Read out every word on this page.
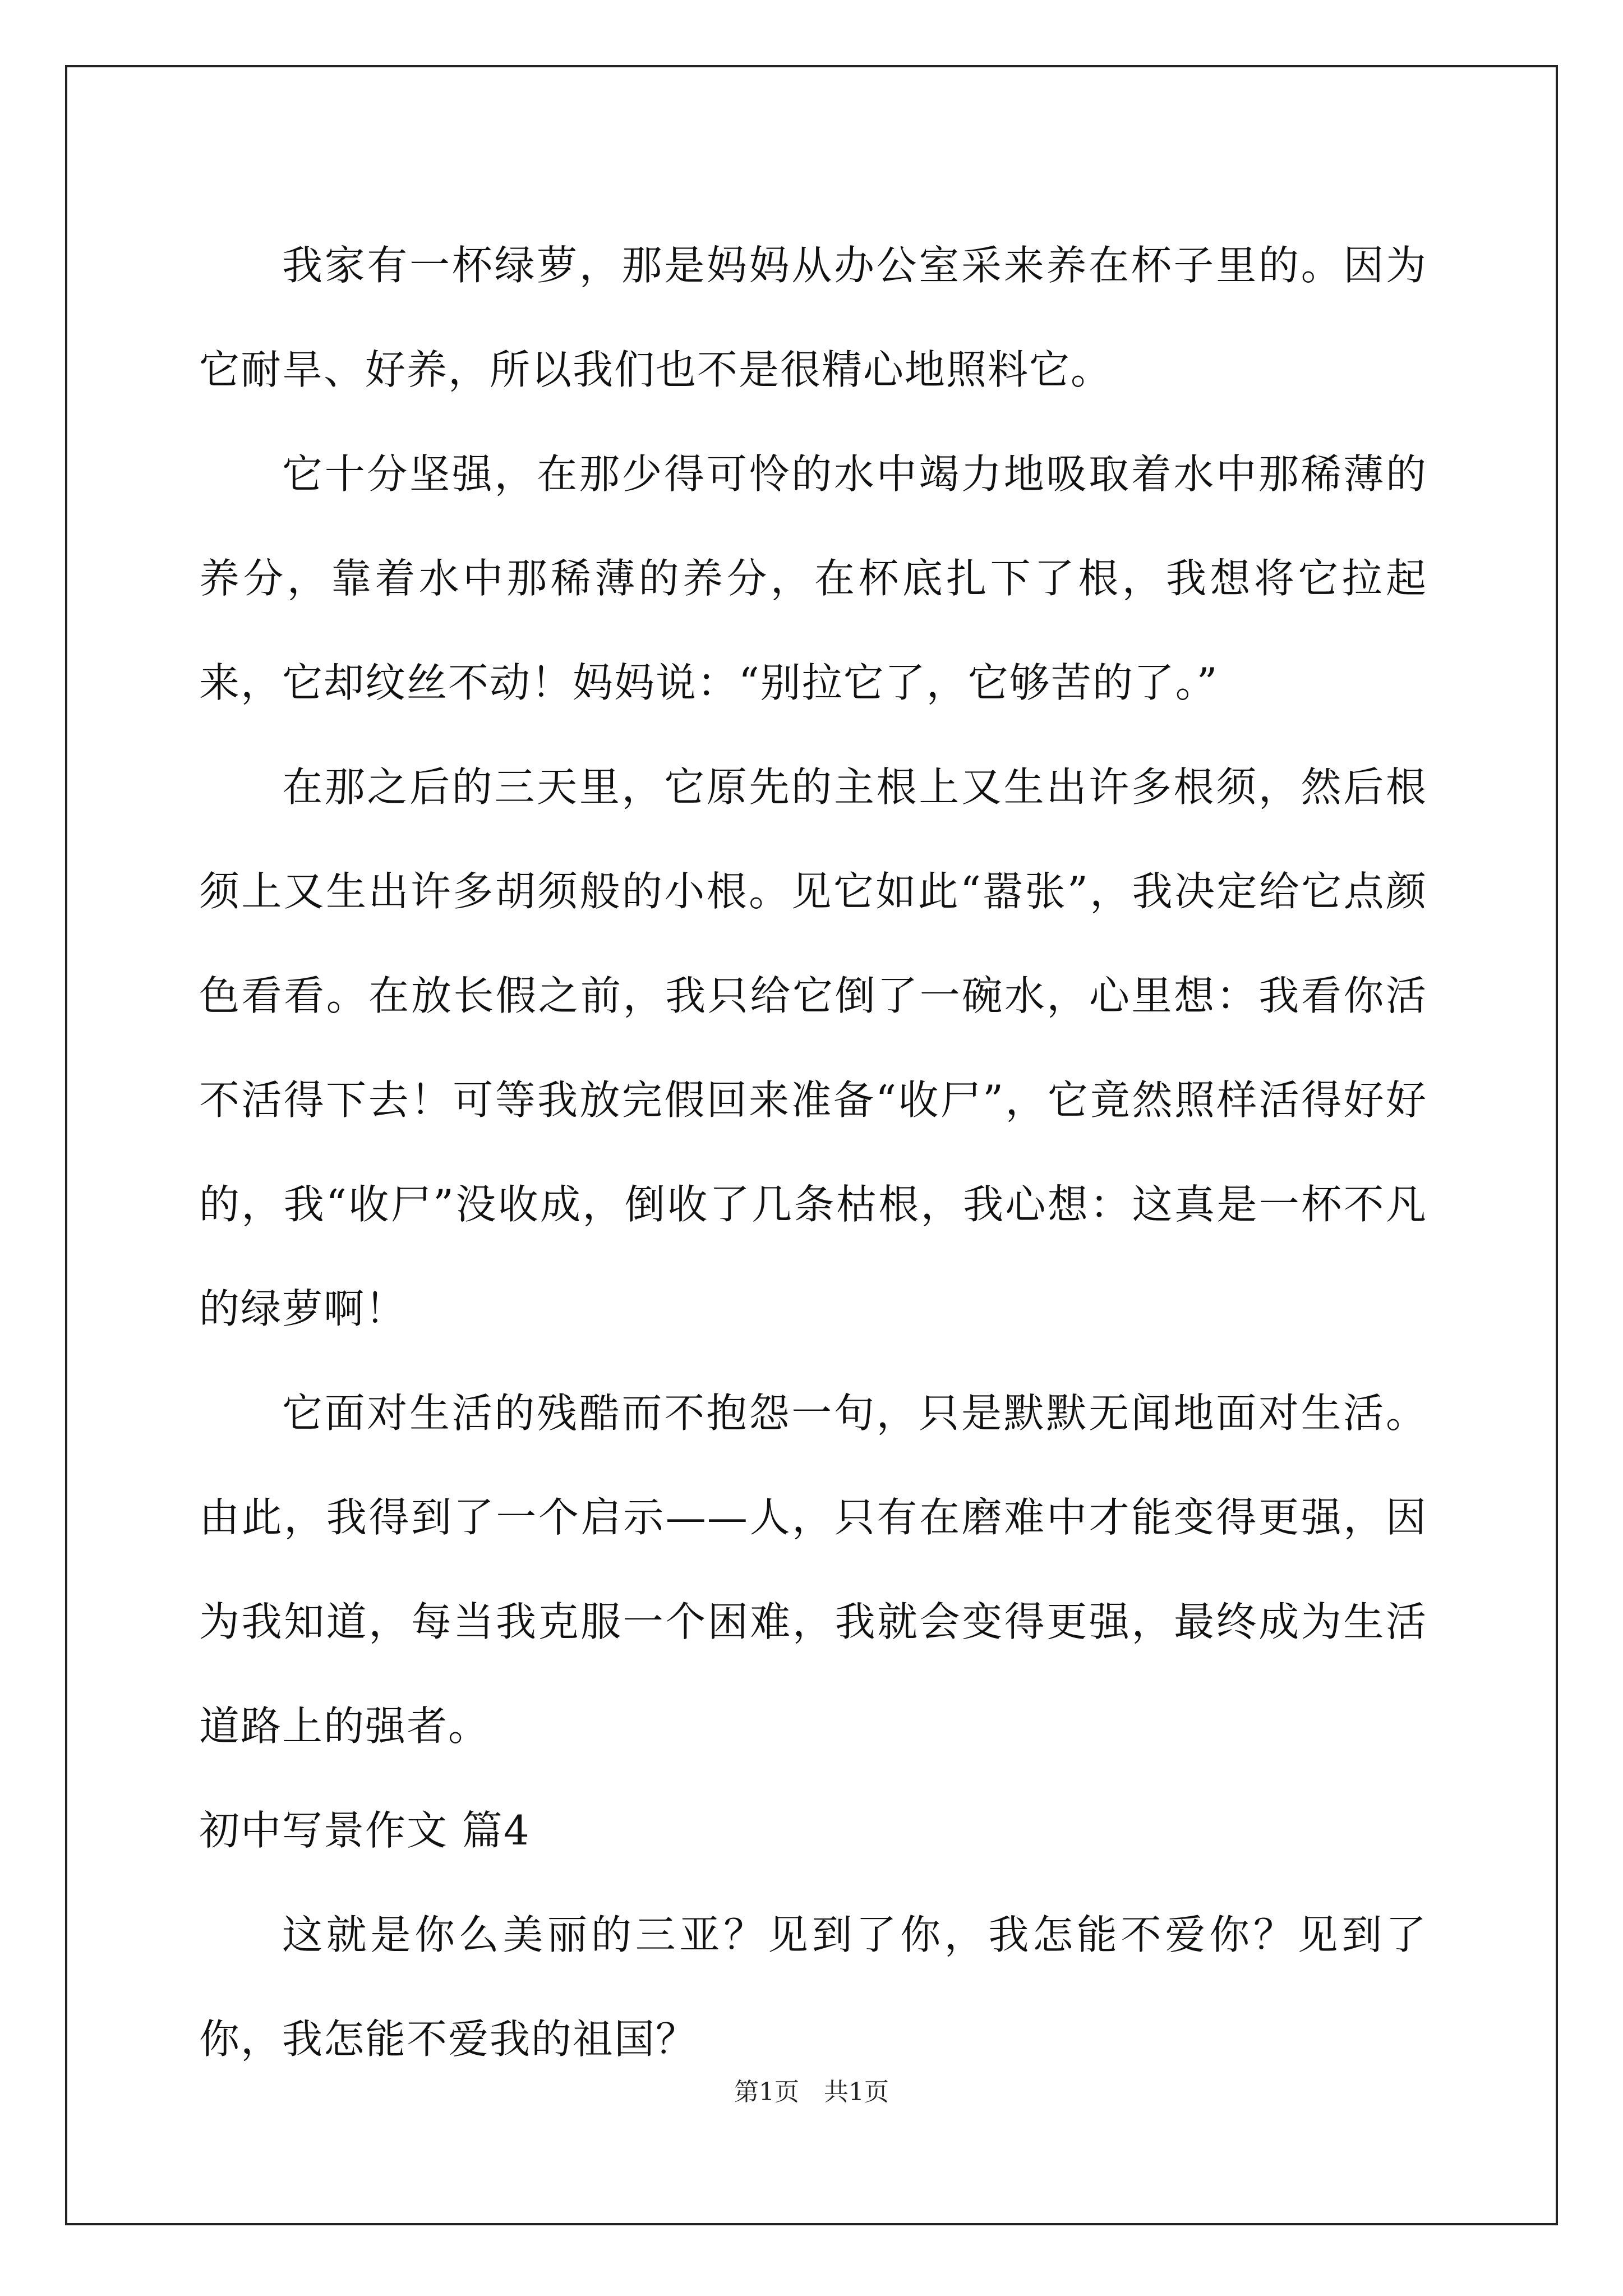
我家有一杯绿萝，那是妈妈从办公室采来养在杯子里的。因为它耐旱、好养，所以我们也不是很精心地照料它。

它十分坚强，在那少得可怜的水中竭力地吸取着水中那稀薄的养分，靠着水中那稀薄的养分，在杯底扎下了根，我想将它拉起来，它却纹丝不动！妈妈说：“别拉它了，它够苦的了。”

在那之后的三天里，它原先的主根上又生出许多根须，然后根须上又生出许多胡须般的小根。见它如此“嚣张”，我决定给它点颜色看看。在放长假之前，我只给它倒了一碗水，心里想：我看你活不活得下去！可等我放完假回来准备“收尸”，它竟然照样活得好好的，我“收尸”没收成，倒收了几条枯根，我心想：这真是一杯不凡的绿萝啊！

它面对生活的残酷而不抱怨一句，只是默默无闻地面对生活。由此，我得到了一个启示——人，只有在磨难中才能变得更强，因为我知道，每当我克服一个困难，我就会变得更强，最终成为生活道路上的强者。

初中写景作文 篇4

这就是你么美丽的三亚？见到了你，我怎能不爱你？见到了你，我怎能不爱我的祖国？

第1页　共1页
